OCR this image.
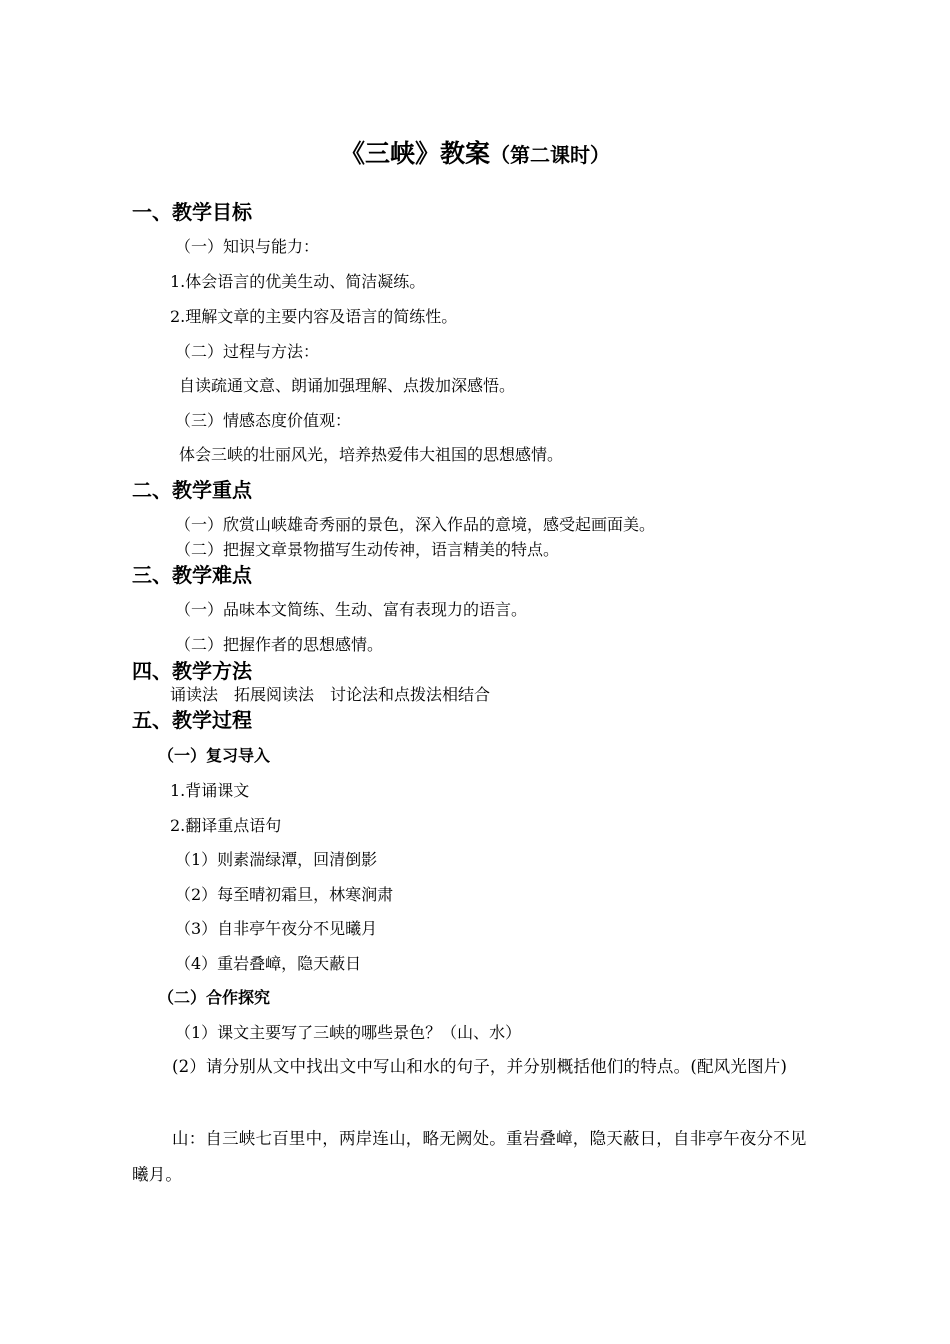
《三峡》教案（第二课时）
一、教学目标
（一）知识与能力：
1.体会语言的优美生动、简洁凝练。
2.理解文章的主要内容及语言的简练性。
（二）过程与方法：
自读疏通文意、朗诵加强理解、点拨加深感悟。
（三）情感态度价值观：
体会三峡的壮丽风光，培养热爱伟大祖国的思想感情。
二、教学重点
（一）欣赏山峡雄奇秀丽的景色，深入作品的意境，感受起画面美。
（二）把握文章景物描写生动传神，语言精美的特点。
三、教学难点
（一）品味本文简练、生动、富有表现力的语言。
（二）把握作者的思想感情。
四、教学方法
诵读法　拓展阅读法　讨论法和点拨法相结合
五、教学过程
（一）复习导入
1.背诵课文
2.翻译重点语句
（1）则素湍绿潭，回清倒影
（2）每至晴初霜旦，林寒涧肃
（3）自非亭午夜分不见曦月
（4）重岩叠嶂，隐天蔽日
（二）合作探究
（1）课文主要写了三峡的哪些景色？（山、水）
(2）请分别从文中找出文中写山和水的句子，并分别概括他们的特点。(配风光图片)
山：自三峡七百里中，两岸连山，略无阙处。重岩叠嶂，隐天蔽日，自非亭午夜分不见曦月。
